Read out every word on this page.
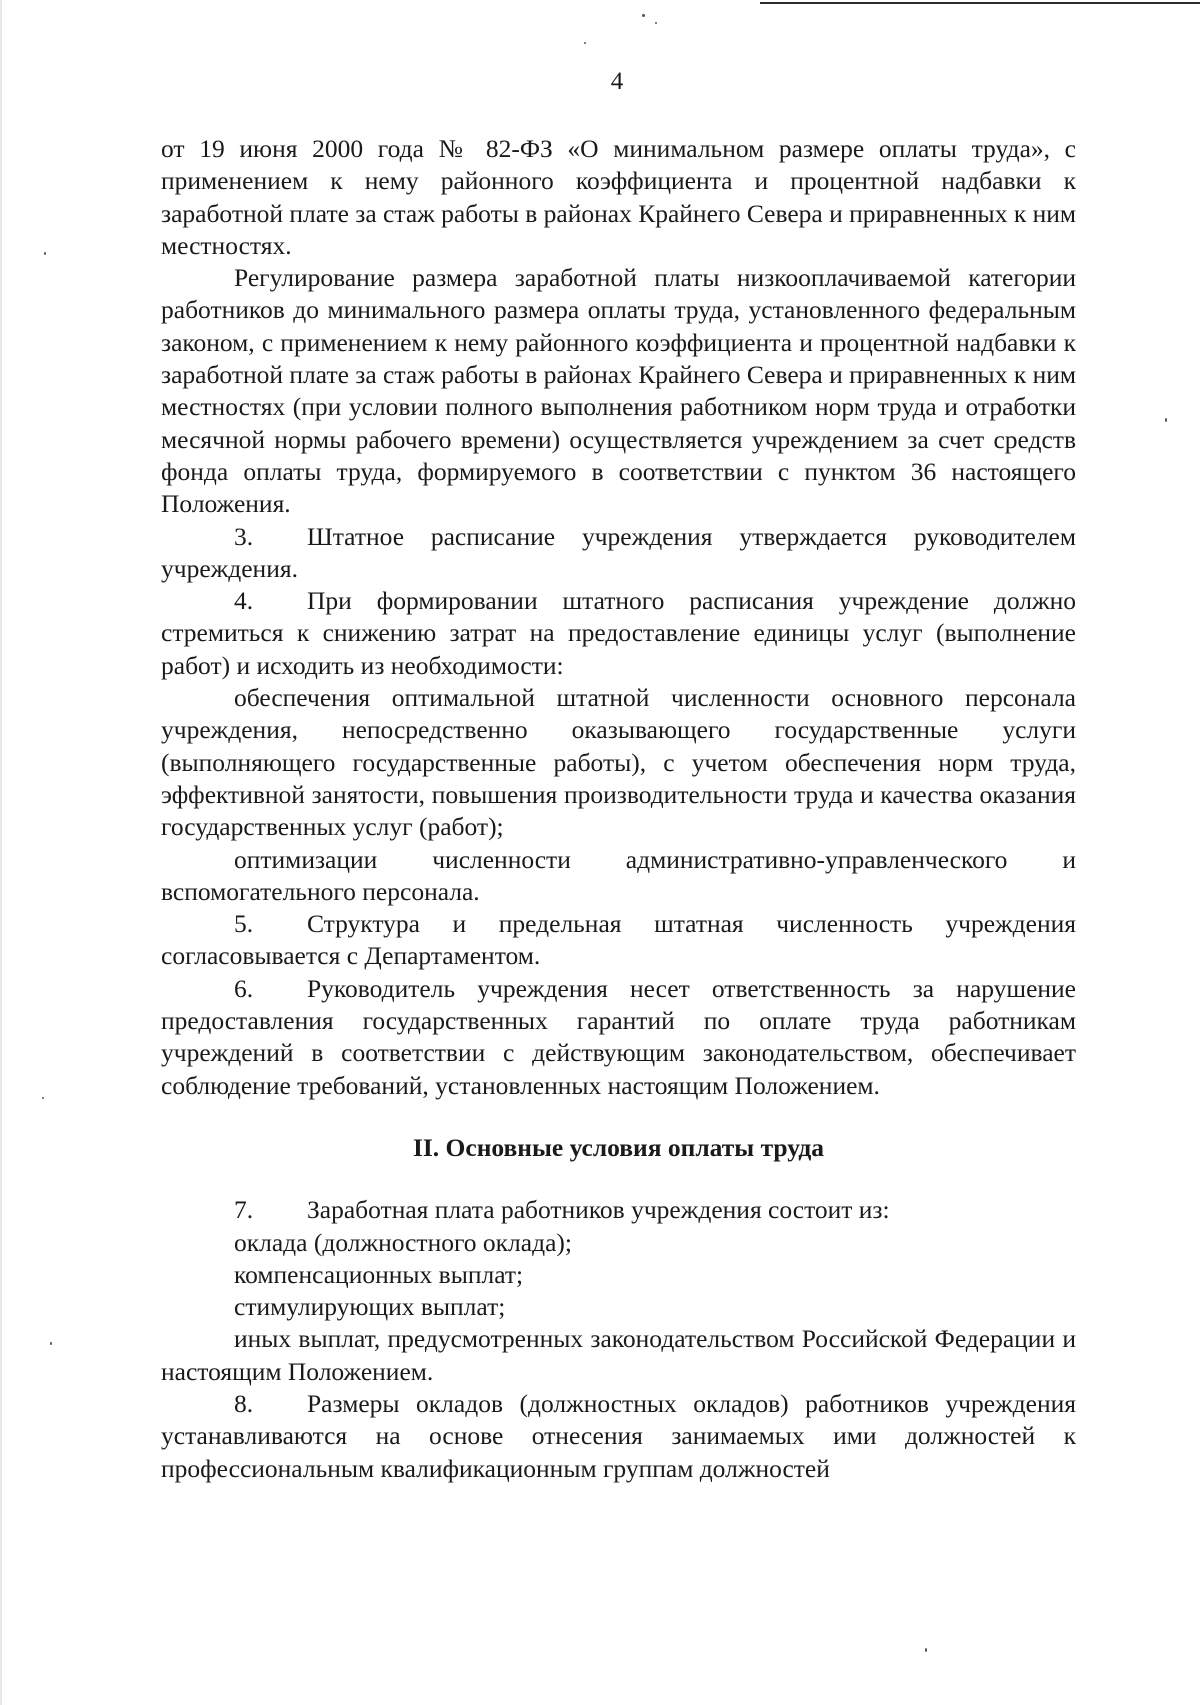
4

от 19 июня 2000 года № 82-ФЗ «О минимальном размере оплаты труда», с применением к нему районного коэффициента и процентной надбавки к заработной плате за стаж работы в районах Крайнего Севера и приравненных к ним местностях.

Регулирование размера заработной платы низкооплачиваемой категории работников до минимального размера оплаты труда, установленного федеральным законом, с применением к нему районного коэффициента и процентной надбавки к заработной плате за стаж работы в районах Крайнего Севера и приравненных к ним местностях (при условии полного выполнения работником норм труда и отработки месячной нормы рабочего времени) осуществляется учреждением за счет средств фонда оплаты труда, формируемого в соответствии с пунктом 36 настоящего Положения.

3. Штатное расписание учреждения утверждается руководителем учреждения.

4. При формировании штатного расписания учреждение должно стремиться к снижению затрат на предоставление единицы услуг (выполнение работ) и исходить из необходимости:

обеспечения оптимальной штатной численности основного персонала учреждения, непосредственно оказывающего государственные услуги (выполняющего государственные работы), с учетом обеспечения норм труда, эффективной занятости, повышения производительности труда и качества оказания государственных услуг (работ);

оптимизации численности административно-управленческого и вспомогательного персонала.

5. Структура и предельная штатная численность учреждения согласовывается с Департаментом.

6. Руководитель учреждения несет ответственность за нарушение предоставления государственных гарантий по оплате труда работникам учреждений в соответствии с действующим законодательством, обеспечивает соблюдение требований, установленных настоящим Положением.

II. Основные условия оплаты труда

7. Заработная плата работников учреждения состоит из:

оклада (должностного оклада);

компенсационных выплат;

стимулирующих выплат;

иных выплат, предусмотренных законодательством Российской Федерации и настоящим Положением.

8. Размеры окладов (должностных окладов) работников учреждения устанавливаются на основе отнесения занимаемых ими должностей к профессиональным квалификационным группам должностей
